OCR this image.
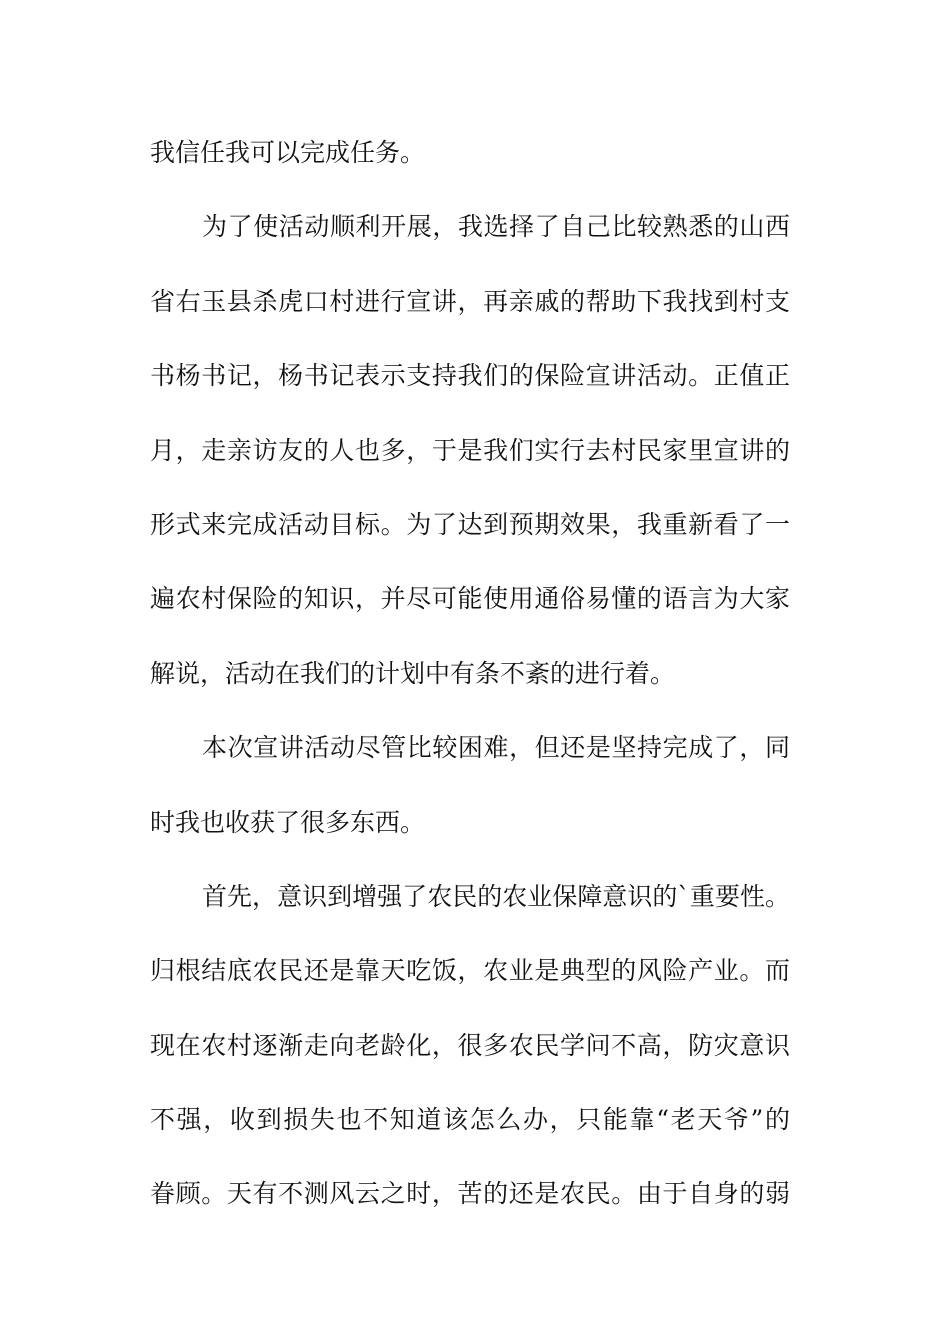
我信任我可以完成任务。
为了使活动顺利开展，我选择了自己比较熟悉的山西
省右玉县杀虎口村进行宣讲，再亲戚的帮助下我找到村支
书杨书记，杨书记表示支持我们的保险宣讲活动。正值正
月，走亲访友的人也多，于是我们实行去村民家里宣讲的
形式来完成活动目标。为了达到预期效果，我重新看了一
遍农村保险的知识，并尽可能使用通俗易懂的语言为大家
解说，活动在我们的计划中有条不紊的进行着。
本次宣讲活动尽管比较困难，但还是坚持完成了，同
时我也收获了很多东西。
首先，意识到增强了农民的农业保障意识的`重要性。
归根结底农民还是靠天吃饭，农业是典型的风险产业。而
现在农村逐渐走向老龄化，很多农民学问不高，防灾意识
不强，收到损失也不知道该怎么办，只能靠“老天爷”的
眷顾。天有不测风云之时，苦的还是农民。由于自身的弱
